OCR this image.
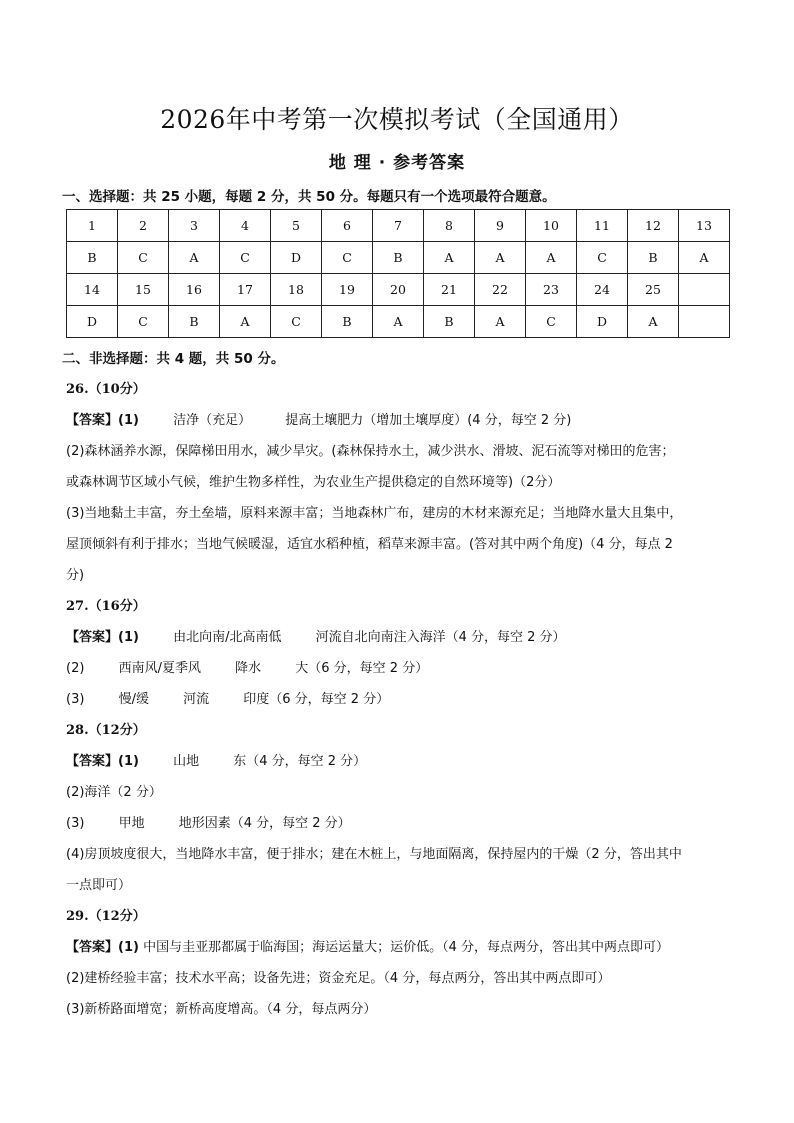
2026年中考第一次模拟考试（全国通用）
地 理 · 参考答案
一、选择题：共 25 小题，每题 2 分，共 50 分。每题只有一个选项最符合题意。
1	2	3	4	5	6	7	8	9	10	11	12	13
B	C	A	C	D	C	B	A	A	A	C	B	A
14	15	16	17	18	19	20	21	22	23	24	25	
D	C	B	A	C	B	A	B	A	C	D	A	
二、非选择题：共 4 题，共 50 分。
26.（10分）
【答案】(1)	洁净（充足）	提高土壤肥力（增加土壤厚度）(4 分，每空 2 分)
(2)森林涵养水源，保障梯田用水，减少旱灾。(森林保持水土，减少洪水、滑坡、泥石流等对梯田的危害；
或森林调节区域小气候，维护生物多样性，为农业生产提供稳定的自然环境等)（2分）
(3)当地黏土丰富，夯土垒墙，原料来源丰富；当地森林广布，建房的木材来源充足；当地降水量大且集中，
屋顶倾斜有利于排水；当地气候暖湿，适宜水稻种植，稻草来源丰富。(答对其中两个角度)（4 分，每点 2
分)
27.（16分）
【答案】(1)	由北向南/北高南低	河流自北向南注入海洋（4 分，每空 2 分）
(2)	西南风/夏季风	降水	大（6 分，每空 2 分）
(3)	慢/缓	河流	印度（6 分，每空 2 分）
28.（12分）
【答案】(1)	山地	东（4 分，每空 2 分）
(2)海洋（2 分）
(3)	甲地	地形因素（4 分，每空 2 分）
(4)房顶坡度很大，当地降水丰富，便于排水；建在木桩上，与地面隔离，保持屋内的干燥（2 分，答出其中
一点即可）
29.（12分）
【答案】(1) 中国与圭亚那都属于临海国；海运运量大；运价低。（4 分，每点两分，答出其中两点即可）
(2)建桥经验丰富；技术水平高；设备先进；资金充足。（4 分，每点两分，答出其中两点即可）
(3)新桥路面增宽；新桥高度增高。（4 分，每点两分）
